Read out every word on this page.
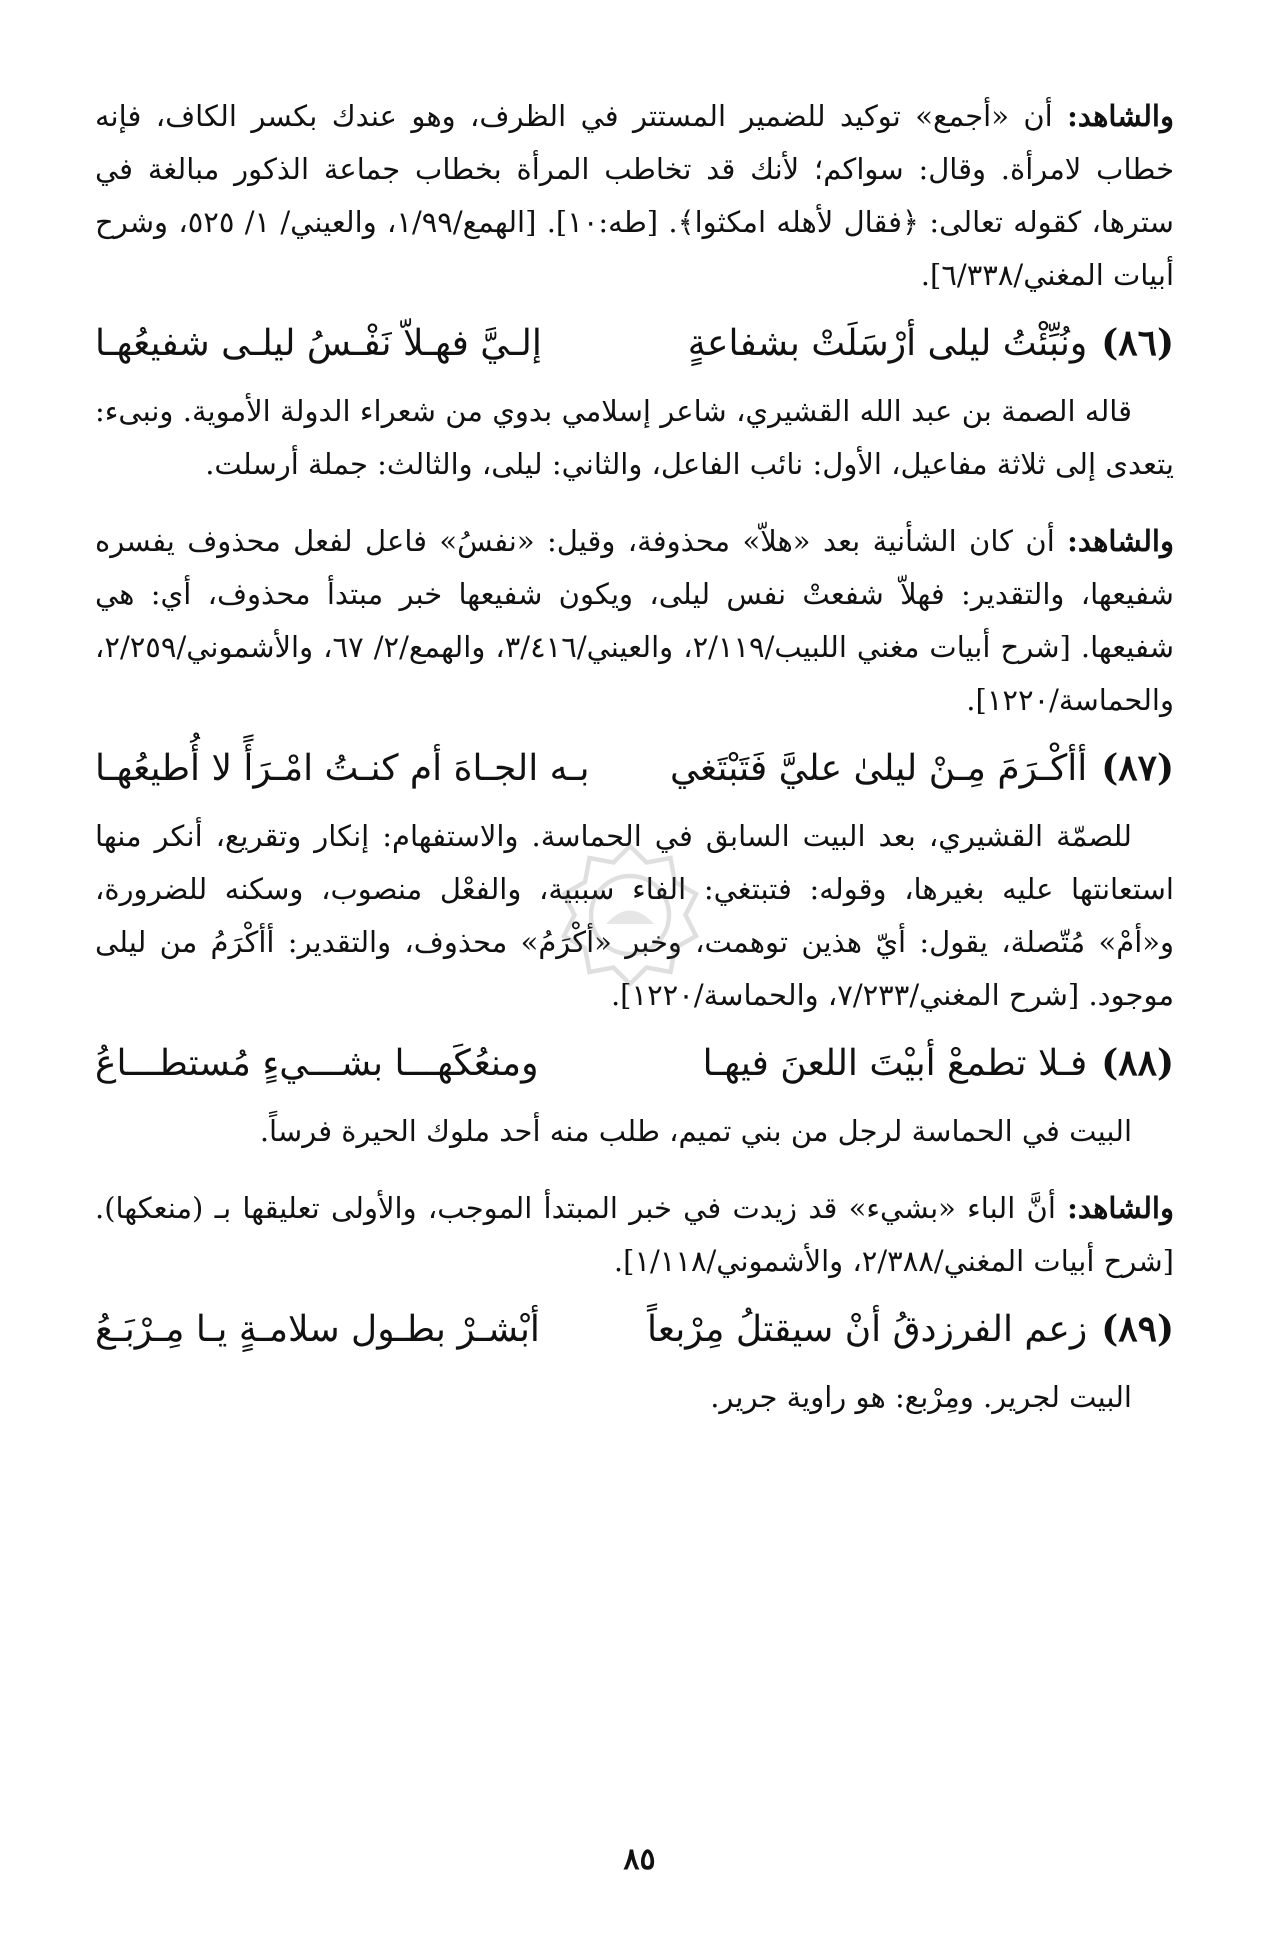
والشاهد: أن «أجمع» توكيد للضمير المستتر في الظرف، وهو عندك بكسر الكاف، فإنه خطاب لامرأة. وقال: سواكم؛ لأنك قد تخاطب المرأة بخطاب جماعة الذكور مبالغة في سترها، كقوله تعالى: ﴿فقال لأهله امكثوا﴾. [طه:١٠]. [الهمع/١/٩٩، والعيني/ ١/ ٥٢٥، وشرح أبيات المغني/٦/٣٣٨].

(٨٦)ونُبِّئْتُ ليلى أرْسَلَتْ بشفاعةٍ
إلـيَّ فهـلاّ نَفْـسُ ليلـى شفيعُهـا

قاله الصمة بن عبد الله القشيري، شاعر إسلامي بدوي من شعراء الدولة الأموية. ونبىء: يتعدى إلى ثلاثة مفاعيل، الأول: نائب الفاعل، والثاني: ليلى، والثالث: جملة أرسلت.

والشاهد: أن كان الشأنية بعد «هلاّ» محذوفة، وقيل: «نفسُ» فاعل لفعل محذوف يفسره شفيعها، والتقدير: فهلاّ شفعتْ نفس ليلى، ويكون شفيعها خبر مبتدأ محذوف، أي: هي شفيعها. [شرح أبيات مغني اللبيب/٢/١١٩، والعيني/٣/٤١٦، والهمع/٢/ ٦٧، والأشموني/٢/٢٥٩، والحماسة/١٢٢٠].

(٨٧)أأكْـرَمَ مِـنْ ليلىٰ عليَّ فَتَبْتَغي
بـه الجـاهَ أم كنـتُ امْـرَأً لا أُطيعُهـا

للصمّة القشيري، بعد البيت السابق في الحماسة. والاستفهام: إنكار وتقريع، أنكر منها استعانتها عليه بغيرها، وقوله: فتبتغي: الفاء سببية، والفعْل منصوب، وسكنه للضرورة، و«أمْ» مُتّصلة، يقول: أيّ هذين توهمت، وخبر «أكْرَمُ» محذوف، والتقدير: أأكْرَمُ من ليلى موجود. [شرح المغني/٧/٢٣٣، والحماسة/١٢٢٠].

(٨٨)فـلا تطمعْ أبيْتَ اللعنَ فيهـا
ومنعُكَهـــا بشـــيءٍ مُستطـــاعُ

البيت في الحماسة لرجل من بني تميم، طلب منه أحد ملوك الحيرة فرساً.

والشاهد: أنَّ الباء «بشيء» قد زيدت في خبر المبتدأ الموجب، والأولى تعليقها بـ (منعكها). [شرح أبيات المغني/٢/٣٨٨، والأشموني/١/١١٨].

(٨٩)زعم الفرزدقُ أنْ سيقتلُ مِرْبعاً
أبْشـرْ بطـول سلامـةٍ يـا مِـرْبَـعُ

البيت لجرير. ومِرْبع: هو راوية جرير.

٨٥
